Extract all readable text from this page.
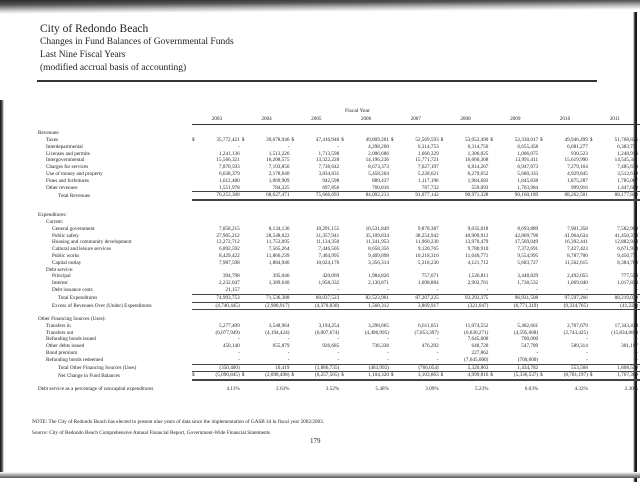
City of Redondo Beach
Changes in Fund Balances of Governmental Funds
Last Nine Fiscal Years
(modified accrual basis of accounting)
Fiscal Year
	2003		2004		2005		2006		2007		2008		2009		2010		2011	

Revenues:																		
Taxes	$	35,772,421	$	39,678,946	$	47,416,940	$	49,809,201	$	52,569,593	$	53,052,490	$	52,330,017	$	49,946,499	$	51,768,825
Interdepartmental		-		-		-		4,298,260		6,314,753		6,314,750		6,655,458		6,681,277		6,383,731
Licenses and permits		1,241,136		1,513,226		1,713,598		2,006,686		1,660,329		1,306,025		1,006,075		930,523		1,248,916
Intergovernmental		15,566,321		16,208,575		13,322,228		14,196,236		15,771,721		16,660,368		13,991,411		15,619,990		14,545,341
Charges for services		7,870,593		7,193,850		7,738,642		8,673,373		7,627,197		6,814,267		6,947,073		7,279,164		7,485,670
Use of money and property		6,638,379		2,178,640		3,834,831		5,458,204		5,228,621		6,279,652		5,680,333		4,929,845		3,512,619
Fines and forfeitures		1,612,480		1,069,909		942,598		889,437		1,117,196		1,984,683		1,845,838		1,875,287		1,785,067
Other revenues		1,551,978		784,325		697,856		760,816		787,732		559,093		1,703,984		999,916		1,447,680
Total Revenues		70,253,308		68,627,471		75,666,693		84,092,213		91,077,142		90,971,328		90,160,189		88,262,501		88,177,849

Expenditures:																		
Current:																		
General government		7,858,215		8,134,136		10,291,155		10,531,849		9,878,387		9,035,018		8,693,889		7,901,358		7,582,969
Public safety		27,905,212		28,548,022		31,357,941		35,109,834		38,254,942		40,909,913		42,869,798		41,964,634		41,450,374
Housing and community development		12,272,712		11,753,095		11,134,350		11,341,953		11,960,230		13,970,479		17,569,049		16,392,441		12,882,944
Cultural and leisure services		6,892,592		7,565,264		7,446,505		8,658,356		9,120,765		9,780,910		7,372,691		7,427,423		6,671,934
Public works		8,429,422		11,866,239		7,404,995		9,409,898		10,218,316		11,046,771		9,554,995		8,787,700		9,450,771
Capital outlay		7,987,598		1,884,946		10,024,176		3,356,314		5,318,230		4,121,712		5,683,727		11,562,615		8,384,700
Debt service:																		
Principal		394,798		395,046		420,069		1,984,826		757,671		1,526,811		3,448,829		2,492,055		777,554
Interest		2,232,047		1,389,640		1,958,332		2,130,871		1,698,884		2,902,761		1,738,532		1,069,040		1,017,824
Debt issuance costs		21,157		-		-		-		-		-		-		-		-
Total Expenditures		74,993,753		71,536,388		80,037,523		82,523,901		87,207,225		93,292,375		96,931,508		97,597,266		88,219,070
Excess of Revenues Over (Under) Expenditures		(4,740,445)		(2,908,917)		(4,370,830)		1,568,312		3,869,917		(321,047)		(6,771,319)		(9,334,765)		(41,221)

Other Financing Sources (Uses):																		
Transfers in		5,277,409		3,548,964		3,194,254		3,298,665		6,611,051		11,074,552		5,482,661		2,707,679		17,343,414
Transfers out		(6,077,949)		(4,194,424)		(6,007,674)		(4,498,995)		(7,853,397)		(6,630,271)		(4,595,668)		(2,743,425)		(15,834,081)
Refunding bonds issued		-		-		-		-		-		7,645,000		700,000		-		-
Other debts issued		450,140		655,879		926,685		736,338		476,292		648,720		547,789		589,314		301,197
Bond premium		-		-		-		-		-		227,862		-		-		-
Refunding bonds redeemed		-		-		-		-		-		(7,645,000)		(700,000)		-		-
Total Other Financing Sources (Uses)		(350,400)		10,419		(1,886,735)		(463,992)		(766,054)		5,320,863		1,434,782		553,568		1,808,550
Net Change in Fund Balances	$	(5,090,845)	$	(2,898,498)	$	(6,257,565)	$	1,104,320	$	3,103,863	$	4,999,816	$	(5,336,537)	$	(8,781,197)	$	1,767,309

Debt service as a percentage of noncapital expenditures		4.11%		2.63%		3.52%		5.48%		3.09%		5.23%		6.03%		4.32%		2.30%
NOTE: The City of Redondo Beach has elected to present nine years of data since the implementation of GASB 34 in fiscal year 2002/2003.
Source: City of Redondo Beach Comprehensive Annual Financial Report, Government-Wide Financial Statements
179
